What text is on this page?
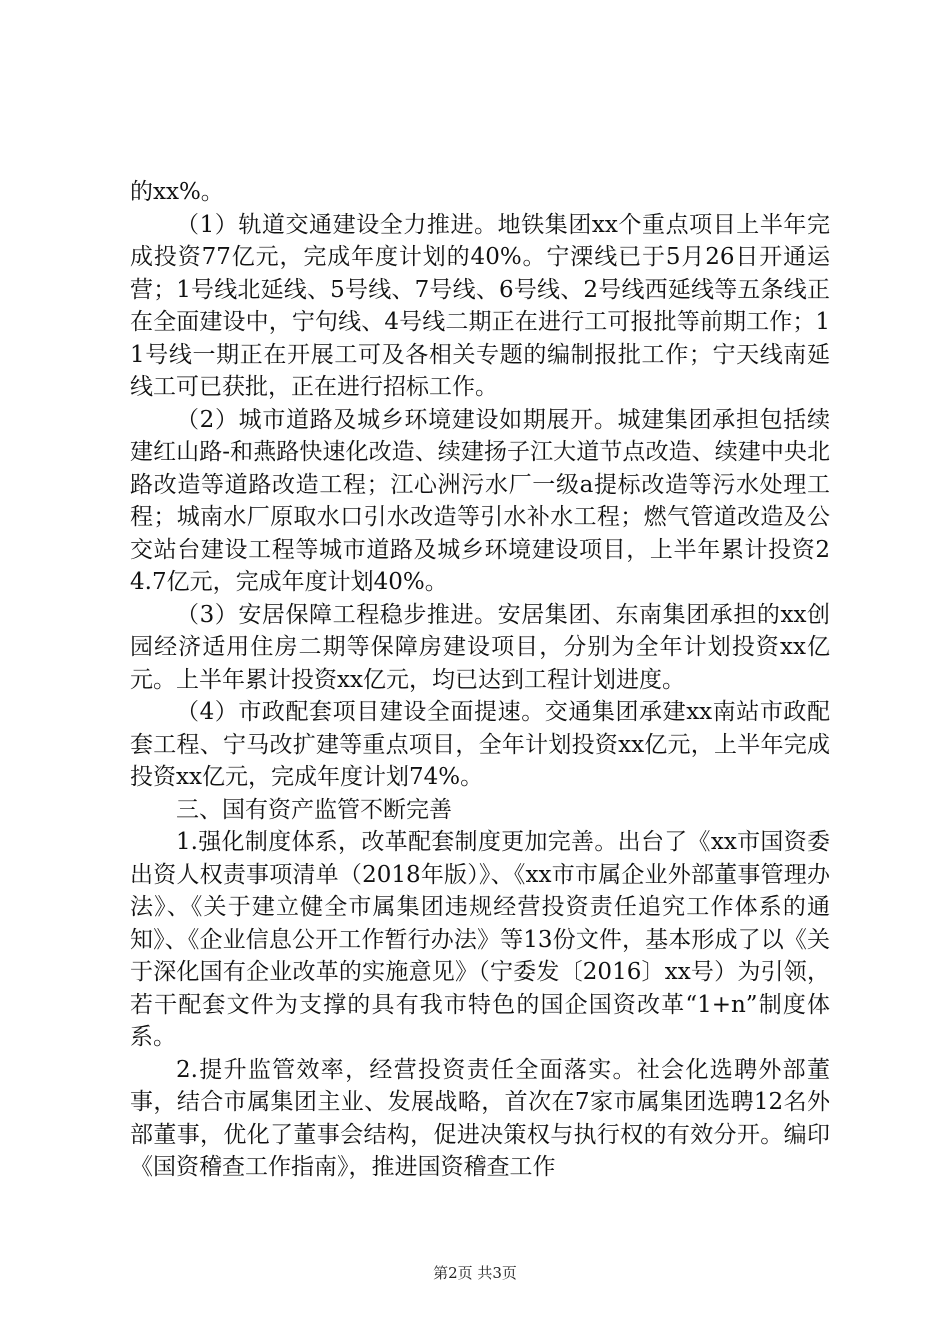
的xx%。

（1）轨道交通建设全力推进。地铁集团xx个重点项目上半年完成投资77亿元，完成年度计划的40%。宁溧线已于5月26日开通运营；1号线北延线、5号线、7号线、6号线、2号线西延线等五条线正在全面建设中，宁句线、4号线二期正在进行工可报批等前期工作；11号线一期正在开展工可及各相关专题的编制报批工作；宁天线南延线工可已获批，正在进行招标工作。

（2）城市道路及城乡环境建设如期展开。城建集团承担包括续建红山路-和燕路快速化改造、续建扬子江大道节点改造、续建中央北路改造等道路改造工程；江心洲污水厂一级a提标改造等污水处理工程；城南水厂原取水口引水改造等引水补水工程；燃气管道改造及公交站台建设工程等城市道路及城乡环境建设项目，上半年累计投资24.7亿元，完成年度计划40%。

（3）安居保障工程稳步推进。安居集团、东南集团承担的xx创园经济适用住房二期等保障房建设项目，分别为全年计划投资xx亿元。上半年累计投资xx亿元，均已达到工程计划进度。

（4）市政配套项目建设全面提速。交通集团承建xx南站市政配套工程、宁马改扩建等重点项目，全年计划投资xx亿元，上半年完成投资xx亿元，完成年度计划74%。

三、国有资产监管不断完善

1.强化制度体系，改革配套制度更加完善。出台了《xx市国资委出资人权责事项清单（2018年版）》、《xx市市属企业外部董事管理办法》、《关于建立健全市属集团违规经营投资责任追究工作体系的通知》、《企业信息公开工作暂行办法》等13份文件，基本形成了以《关于深化国有企业改革的实施意见》（宁委发〔2016〕xx号）为引领，若干配套文件为支撑的具有我市特色的国企国资改革“1+n”制度体系。

2.提升监管效率，经营投资责任全面落实。社会化选聘外部董事，结合市属集团主业、发展战略，首次在7家市属集团选聘12名外部董事，优化了董事会结构，促进决策权与执行权的有效分开。编印《国资稽查工作指南》，推进国资稽查工作

第2页 共3页
